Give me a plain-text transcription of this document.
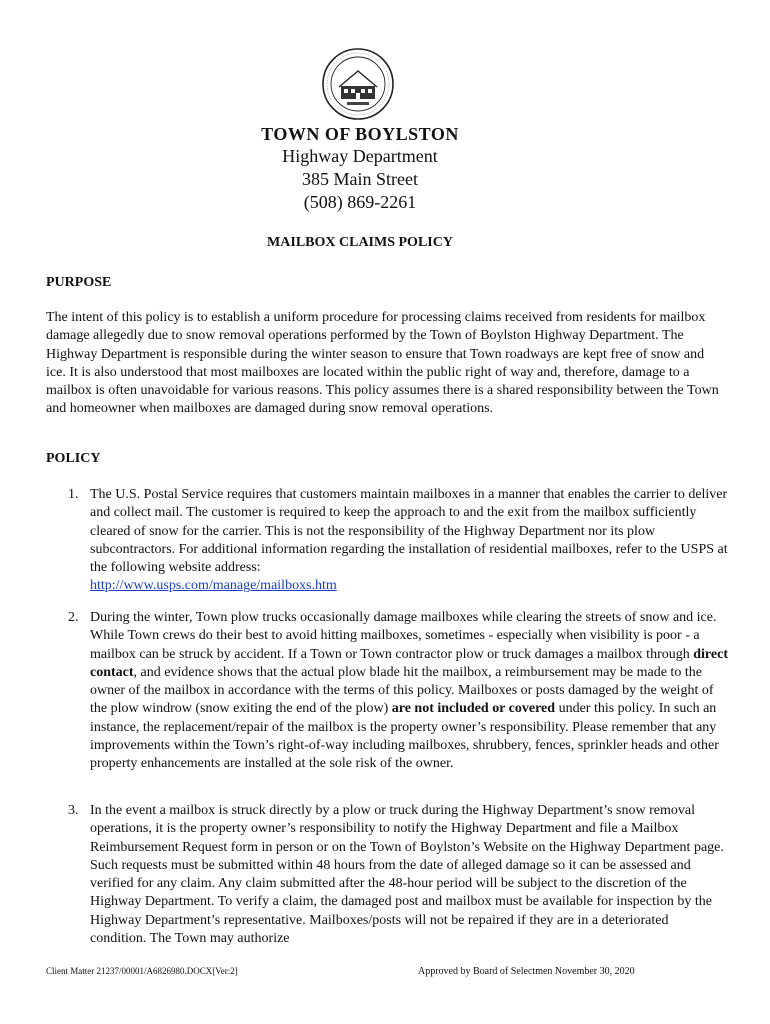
TOWN OF BOYLSTON
Highway Department
385 Main Street
(508) 869-2261
MAILBOX CLAIMS POLICY
PURPOSE

The intent of this policy is to establish a uniform procedure for processing claims received from residents for mailbox damage allegedly due to snow removal operations performed by the Town of Boylston Highway Department. The Highway Department is responsible during the winter season to ensure that Town roadways are kept free of snow and ice. It is also understood that most mailboxes are located within the public right of way and, therefore, damage to a mailbox is often unavoidable for various reasons. This policy assumes there is a shared responsibility between the Town and homeowner when mailboxes are damaged during snow removal operations.

POLICY
1. The U.S. Postal Service requires that customers maintain mailboxes in a manner that enables the carrier to deliver and collect mail. The customer is required to keep the approach to and the exit from the mailbox sufficiently cleared of snow for the carrier. This is not the responsibility of the Highway Department nor its plow subcontractors. For additional information regarding the installation of residential mailboxes, refer to the USPS at the following website address:
http://www.usps.com/manage/mailboxs.htm
2. During the winter, Town plow trucks occasionally damage mailboxes while clearing the streets of snow and ice. While Town crews do their best to avoid hitting mailboxes, sometimes - especially when visibility is poor - a mailbox can be struck by accident. If a Town or Town contractor plow or truck damages a mailbox through direct contact, and evidence shows that the actual plow blade hit the mailbox, a reimbursement may be made to the owner of the mailbox in accordance with the terms of this policy. Mailboxes or posts damaged by the weight of the plow windrow (snow exiting the end of the plow) are not included or covered under this policy. In such an instance, the replacement/repair of the mailbox is the property owner’s responsibility. Please remember that any improvements within the Town’s right-of-way including mailboxes, shrubbery, fences, sprinkler heads and other property enhancements are installed at the sole risk of the owner.
3. In the event a mailbox is struck directly by a plow or truck during the Highway Department’s snow removal operations, it is the property owner’s responsibility to notify the Highway Department and file a Mailbox Reimbursement Request form in person or on the Town of Boylston’s Website on the Highway Department page. Such requests must be submitted within 48 hours from the date of alleged damage so it can be assessed and verified for any claim. Any claim submitted after the 48-hour period will be subject to the discretion of the Highway Department. To verify a claim, the damaged post and mailbox must be available for inspection by the Highway Department’s representative. Mailboxes/posts will not be repaired if they are in a deteriorated condition. The Town may authorize
Client Matter 21237/00001/A6826980.DOCX[Ver:2]	Approved by Board of Selectmen November 30, 2020
